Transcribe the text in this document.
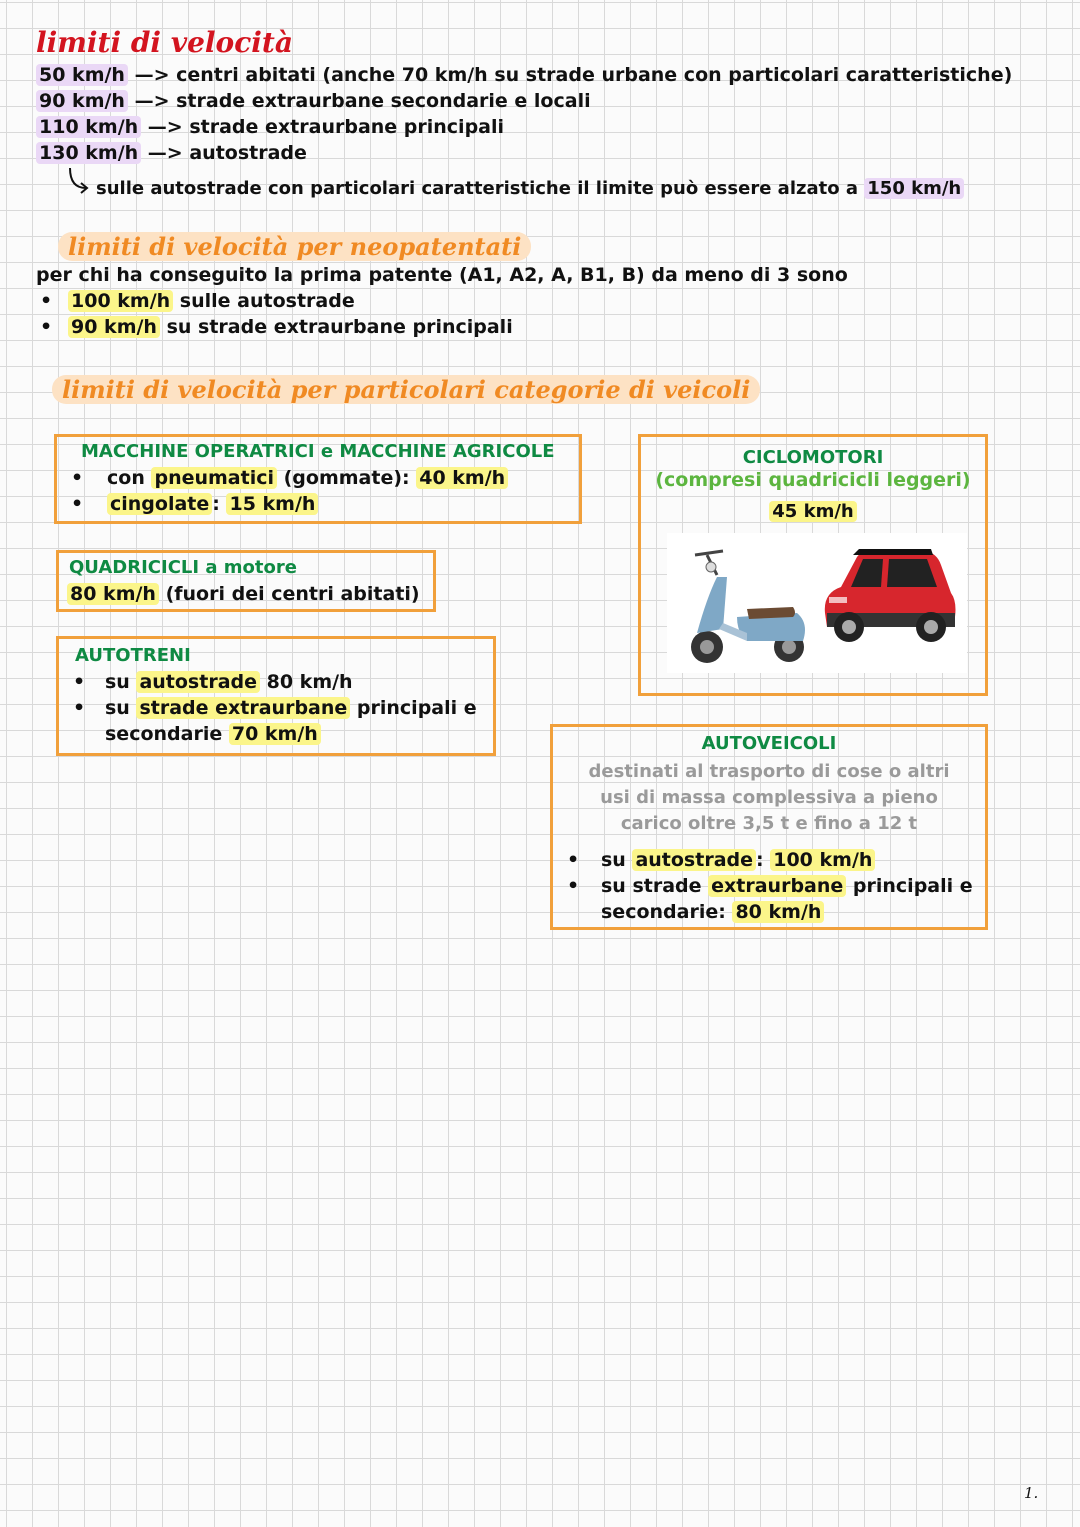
limiti di velocità
50 km/h —> centri abitati (anche 70 km/h su strade urbane con particolari caratteristiche)
90 km/h —> strade extraurbane secondarie e locali
110 km/h —> strade extraurbane principali
130 km/h —> autostrade
sulle autostrade con particolari caratteristiche il limite può essere alzato a 150 km/h
limiti di velocità per neopatentati
per chi ha conseguito la prima patente (A1, A2, A, B1, B) da meno di 3 sono
• 100 km/h sulle autostrade
• 90 km/h su strade extraurbane principali
limiti di velocità per particolari categorie di veicoli
MACCHINE OPERATRICI e MACCHINE AGRICOLE
• con pneumatici (gommate): 40 km/h
• cingolate : 15 km/h
QUADRICICLI a motore
80 km/h (fuori dei centri abitati)
AUTOTRENI
• su autostrade 80 km/h
• su strade extraurbane principali e
secondarie 70 km/h
CICLOMOTORI
(compresi quadricicli leggeri)
45 km/h
AUTOVEICOLI
destinati al trasporto di cose o altri
usi di massa complessiva a pieno
carico oltre 3,5 t e fino a 12 t
• su autostrade : 100 km/h
• su strade extraurbane principali e
secondarie: 80 km/h
1.
